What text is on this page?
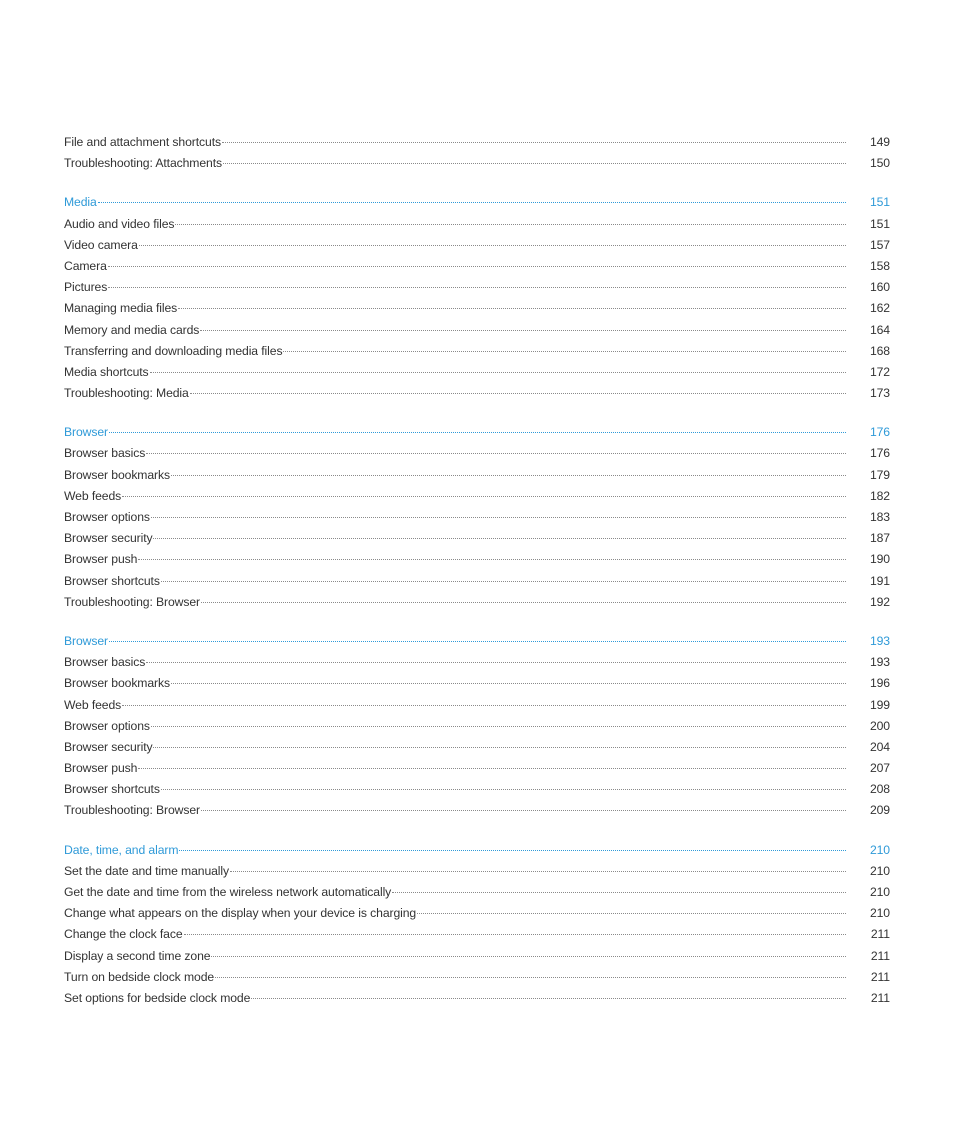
File and attachment shortcuts	149
Troubleshooting: Attachments	150
Media	151
Audio and video files	151
Video camera	157
Camera	158
Pictures	160
Managing media files	162
Memory and media cards	164
Transferring and downloading media files	168
Media shortcuts	172
Troubleshooting: Media	173
Browser	176
Browser basics	176
Browser bookmarks	179
Web feeds	182
Browser options	183
Browser security	187
Browser push	190
Browser shortcuts	191
Troubleshooting: Browser	192
Browser	193
Browser basics	193
Browser bookmarks	196
Web feeds	199
Browser options	200
Browser security	204
Browser push	207
Browser shortcuts	208
Troubleshooting: Browser	209
Date, time, and alarm	210
Set the date and time manually	210
Get the date and time from the wireless network automatically	210
Change what appears on the display when your device is charging	210
Change the clock face	211
Display a second time zone	211
Turn on bedside clock mode	211
Set options for bedside clock mode	211
